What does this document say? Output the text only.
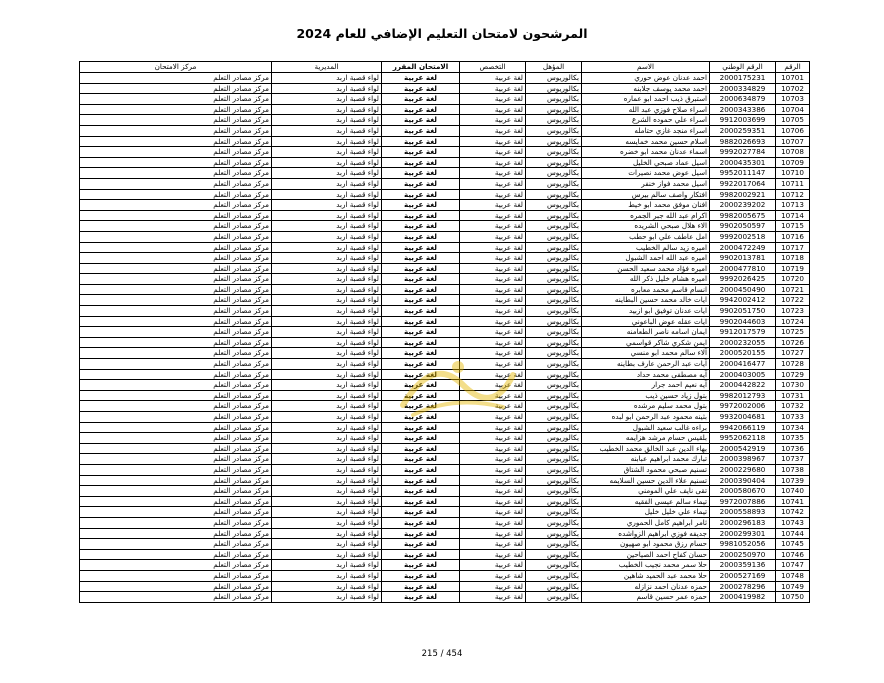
المرشحون لامتحان التعليم الإضافي للعام 2024
الرقم	الرقم الوطني	الاسم	المؤهل	التخصص	الامتحان المقرر	المديرية	مركز الامتحان
10701	2000175231	احمد عدنان عوض حوري	بكالوريوس	لغة عربية	لغة عربية	لواء قصبة اربد	مركز مصادر التعلم
10702	2000334829	احمد محمد يوسف جلابنه	بكالوريوس	لغة عربية	لغة عربية	لواء قصبة اربد	مركز مصادر التعلم
10703	2000634879	استبرق ذيب احمد ابو عماره	بكالوريوس	لغة عربية	لغة عربية	لواء قصبة اربد	مركز مصادر التعلم
10704	2000343386	اسراء صلاح فوزي عبد الله	بكالوريوس	لغة عربية	لغة عربية	لواء قصبة اربد	مركز مصادر التعلم
10705	9912003699	اسراء علي حموده الشرع	بكالوريوس	لغة عربية	لغة عربية	لواء قصبة اربد	مركز مصادر التعلم
10706	2000259351	اسراء منجد غازي حتامله	بكالوريوس	لغة عربية	لغة عربية	لواء قصبة اربد	مركز مصادر التعلم
10707	9882026693	اسلام حسين محمد خمايسه	بكالوريوس	لغة عربية	لغة عربية	لواء قصبة اربد	مركز مصادر التعلم
10708	9992027784	اسماء عدنان محمد ابو خضره	بكالوريوس	لغة عربية	لغة عربية	لواء قصبة اربد	مركز مصادر التعلم
10709	2000435301	اسيل عماد صبحي الخليل	بكالوريوس	لغة عربية	لغة عربية	لواء قصبة اربد	مركز مصادر التعلم
10710	9952011147	اسيل عوض محمد نصيرات	بكالوريوس	لغة عربية	لغة عربية	لواء قصبة اربد	مركز مصادر التعلم
10711	9922017064	اسيل محمد فواز خنفر	بكالوريوس	لغة عربية	لغة عربية	لواء قصبة اربد	مركز مصادر التعلم
10712	9982002921	افتكار واصف سالم بيرس	بكالوريوس	لغة عربية	لغة عربية	لواء قصبة اربد	مركز مصادر التعلم
10713	2000239202	افنان موفق محمد ابو خيط	بكالوريوس	لغة عربية	لغة عربية	لواء قصبة اربد	مركز مصادر التعلم
10714	9982005675	اكرام عبد الله جبر الجمره	بكالوريوس	لغة عربية	لغة عربية	لواء قصبة اربد	مركز مصادر التعلم
10715	9902050597	الاء هلال صبحي الشريده	بكالوريوس	لغة عربية	لغة عربية	لواء قصبة اربد	مركز مصادر التعلم
10716	9992002518	امل عاطف علي ابو حطب	بكالوريوس	لغة عربية	لغة عربية	لواء قصبة اربد	مركز مصادر التعلم
10717	2000472249	اميره زيد سالم الخطيب	بكالوريوس	لغة عربية	لغة عربية	لواء قصبة اربد	مركز مصادر التعلم
10718	9902013781	اميره عبد الله احمد الشبول	بكالوريوس	لغة عربية	لغة عربية	لواء قصبة اربد	مركز مصادر التعلم
10719	2000477810	اميره فؤاد محمد سعيد الحسن	بكالوريوس	لغة عربية	لغة عربية	لواء قصبة اربد	مركز مصادر التعلم
10720	9992026425	اميره هشام خليل ذكر الله	بكالوريوس	لغة عربية	لغة عربية	لواء قصبة اربد	مركز مصادر التعلم
10721	2000450490	انسام قاسم محمد معابره	بكالوريوس	لغة عربية	لغة عربية	لواء قصبة اربد	مركز مصادر التعلم
10722	9942002412	ايات خالد محمد حسين البطاينه	بكالوريوس	لغة عربية	لغة عربية	لواء قصبة اربد	مركز مصادر التعلم
10723	9902051750	ايات عدنان توفيق ابو ازبيد	بكالوريوس	لغة عربية	لغة عربية	لواء قصبة اربد	مركز مصادر التعلم
10724	9902044603	ايات عقله عوض الباعوني	بكالوريوس	لغة عربية	لغة عربية	لواء قصبة اربد	مركز مصادر التعلم
10725	9912017579	ايمان اسامه ناصر الطعامنه	بكالوريوس	لغة عربية	لغة عربية	لواء قصبة اربد	مركز مصادر التعلم
10726	2000232055	ايمن شكري شاكر قواسمي	بكالوريوس	لغة عربية	لغة عربية	لواء قصبة اربد	مركز مصادر التعلم
10727	2000520155	آلاء سالم محمد ابو منسي	بكالوريوس	لغة عربية	لغة عربية	لواء قصبة اربد	مركز مصادر التعلم
10728	2000416477	آيات عبد الرحمن عارف بطاينه	بكالوريوس	لغة عربية	لغة عربية	لواء قصبة اربد	مركز مصادر التعلم
10729	2000403005	آيه مصطفى محمد حداد	بكالوريوس	لغة عربية	لغة عربية	لواء قصبة اربد	مركز مصادر التعلم
10730	2000442822	آيه نعيم احمد جرار	بكالوريوس	لغة عربية	لغة عربية	لواء قصبة اربد	مركز مصادر التعلم
10731	9982012793	بتول زياد حسين ذيب	بكالوريوس	لغة عربية	لغة عربية	لواء قصبة اربد	مركز مصادر التعلم
10732	9972002006	بتول محمد سليم مرشده	بكالوريوس	لغة عربية	لغة عربية	لواء قصبة اربد	مركز مصادر التعلم
10733	9932004681	بثينه محمود عبد الرحمن ابو لبده	بكالوريوس	لغة عربية	لغة عربية	لواء قصبة اربد	مركز مصادر التعلم
10734	9942066119	براءه غالب سعيد الشبول	بكالوريوس	لغة عربية	لغة عربية	لواء قصبة اربد	مركز مصادر التعلم
10735	9952062118	بلقيس حسام مرشد هزايمه	بكالوريوس	لغة عربية	لغة عربية	لواء قصبة اربد	مركز مصادر التعلم
10736	2000542919	بهاء الدين عبد الخالق محمد الخطيب	بكالوريوس	لغة عربية	لغة عربية	لواء قصبة اربد	مركز مصادر التعلم
10737	2000398967	تبارك محمد ابراهيم عبابنه	بكالوريوس	لغة عربية	لغة عربية	لواء قصبة اربد	مركز مصادر التعلم
10738	2000229680	تسنيم صبحي محمود الشتاق	بكالوريوس	لغة عربية	لغة عربية	لواء قصبة اربد	مركز مصادر التعلم
10739	2000390404	تسنيم علاء الدين حسين السلايمه	بكالوريوس	لغة عربية	لغة عربية	لواء قصبة اربد	مركز مصادر التعلم
10740	2000580670	تقى نايف علي المومني	بكالوريوس	لغة عربية	لغة عربية	لواء قصبة اربد	مركز مصادر التعلم
10741	9972007886	تيماء سالم عيسى الفقيه	بكالوريوس	لغة عربية	لغة عربية	لواء قصبة اربد	مركز مصادر التعلم
10742	2000558893	تيماء علي خليل خليل	بكالوريوس	لغة عربية	لغة عربية	لواء قصبة اربد	مركز مصادر التعلم
10743	2000296183	ثامر ابراهيم كامل الحموري	بكالوريوس	لغة عربية	لغة عربية	لواء قصبة اربد	مركز مصادر التعلم
10744	2000299301	جديفه فوزي ابراهيم الزواشده	بكالوريوس	لغة عربية	لغة عربية	لواء قصبة اربد	مركز مصادر التعلم
10745	9981052056	حسام رزق محمود ابو صهيون	بكالوريوس	لغة عربية	لغة عربية	لواء قصبة اربد	مركز مصادر التعلم
10746	2000250970	حسان كفاح احمد الصياحين	بكالوريوس	لغة عربية	لغة عربية	لواء قصبة اربد	مركز مصادر التعلم
10747	2000359136	حلا سمر محمد نجيب الخطيب	بكالوريوس	لغة عربية	لغة عربية	لواء قصبة اربد	مركز مصادر التعلم
10748	2000527169	حلا محمد عبد الحميد شاهين	بكالوريوس	لغة عربية	لغة عربية	لواء قصبة اربد	مركز مصادر التعلم
10749	2000278296	حمزه عدنان احمد نزازله	بكالوريوس	لغة عربية	لغة عربية	لواء قصبة اربد	مركز مصادر التعلم
10750	2000419982	حمزه عمر حسين قاسم	بكالوريوس	لغة عربية	لغة عربية	لواء قصبة اربد	مركز مصادر التعلم
215 / 454
